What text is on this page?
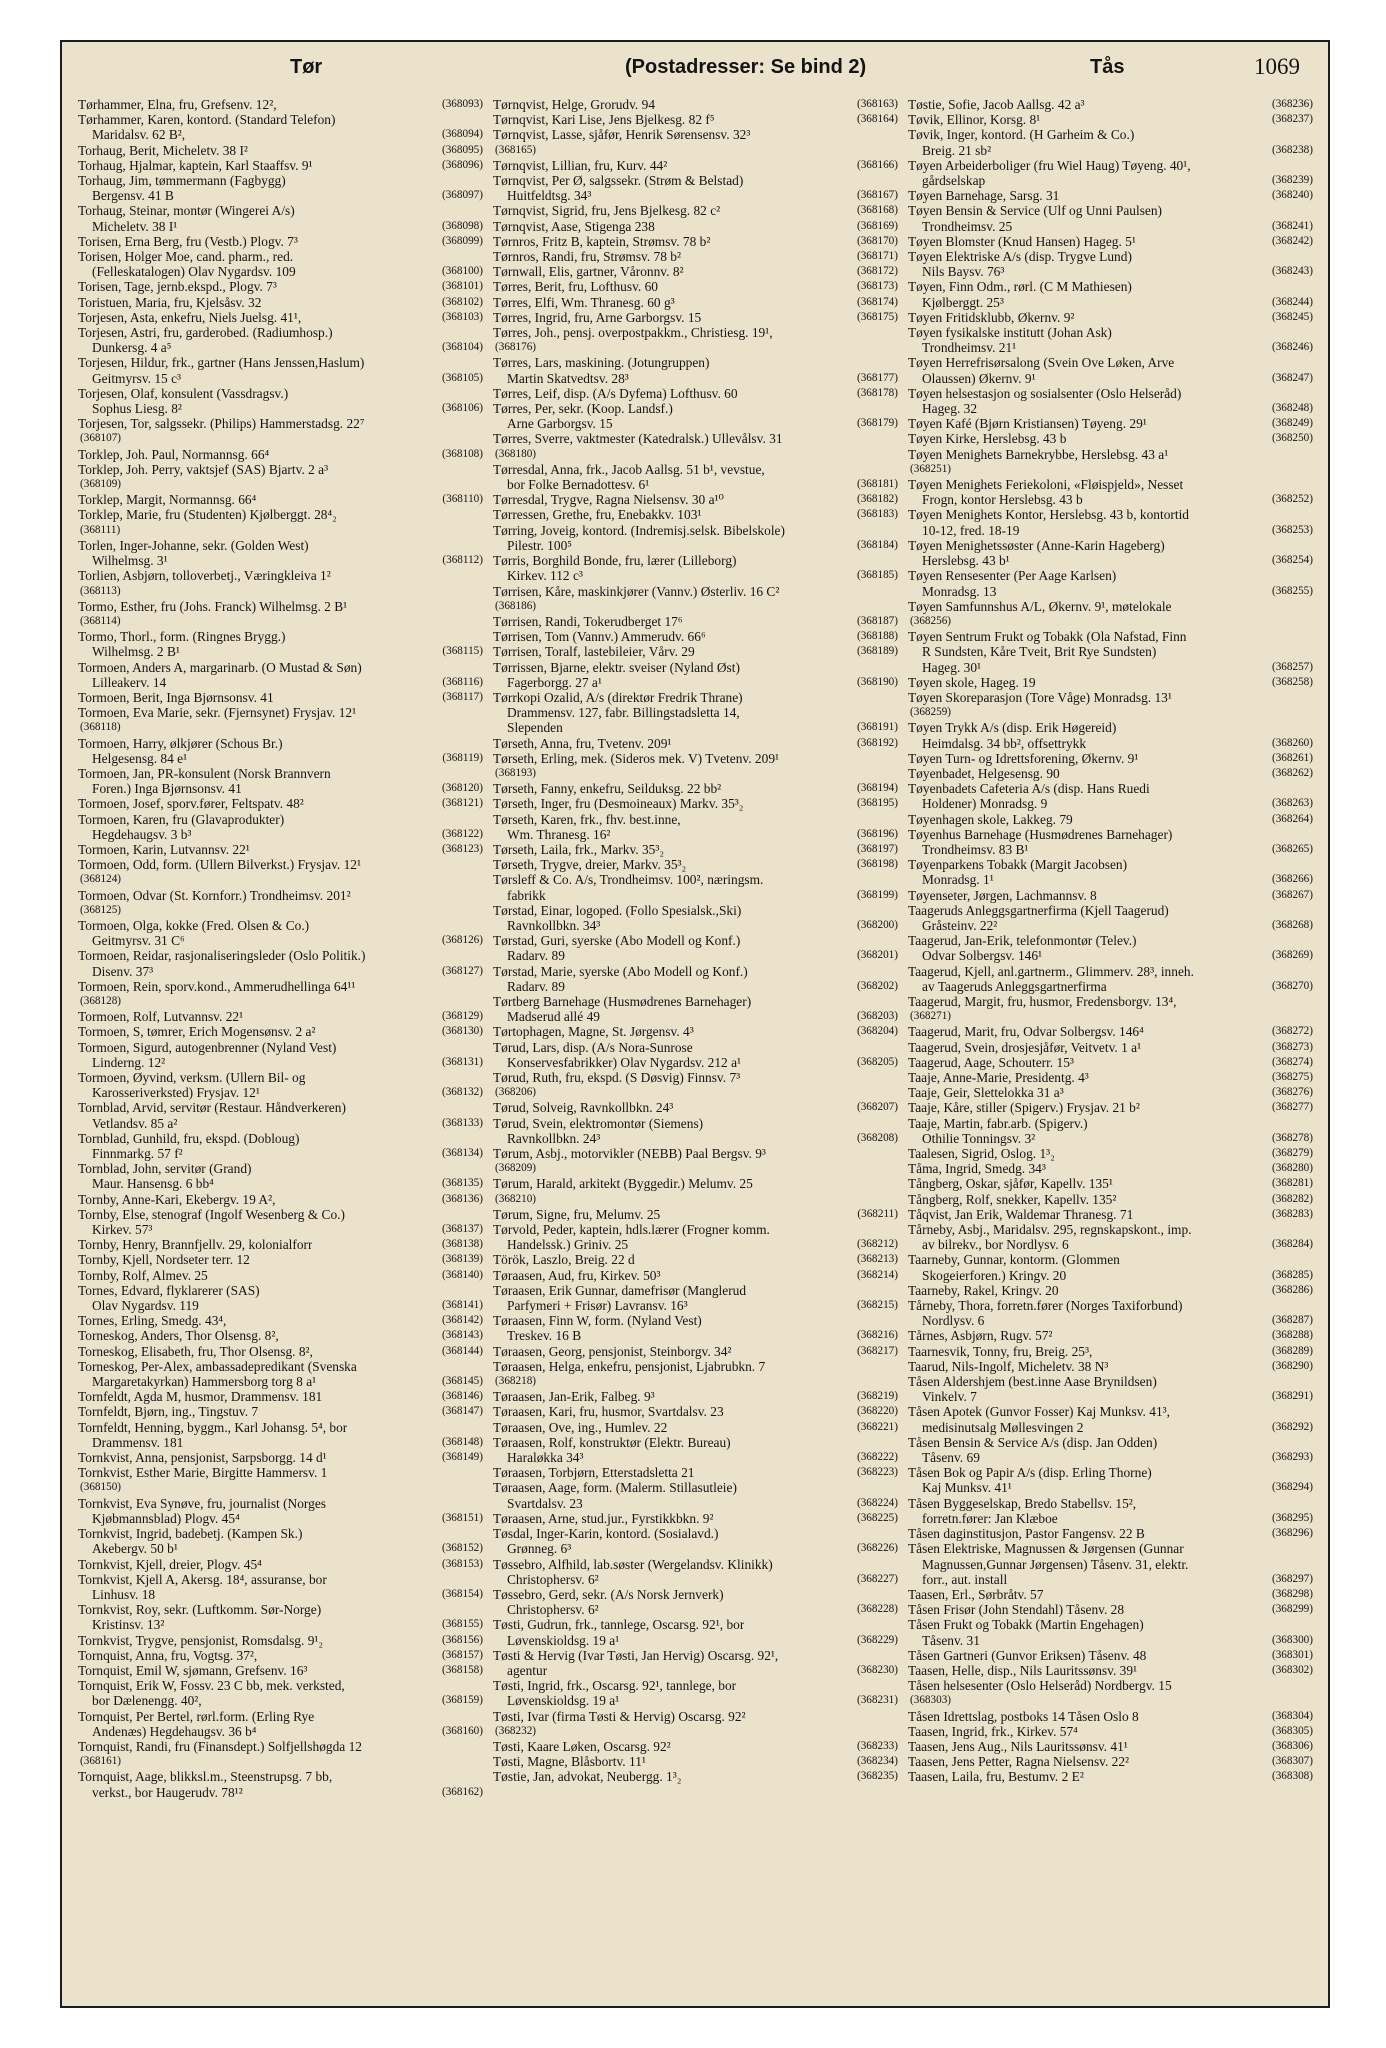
Tør	(Postadresser: Se bind 2)	Tås	1069
Tørhammer, Elna, fru, Grefsenv. 12²,	(368093)
Tørhammer, Karen, kontord. (Standard Telefon)
Maridalsv. 62 B²,	(368094)
Torhaug, Berit, Micheletv. 38 I²	(368095)
Torhaug, Hjalmar, kaptein, Karl Staaffsv. 9¹	(368096)
Torhaug, Jim, tømmermann (Fagbygg)
Bergensv. 41 B	(368097)
Torhaug, Steinar, montør (Wingerei A/s)
Micheletv. 38 I¹	(368098)
Torisen, Erna Berg, fru (Vestb.) Plogv. 7³	(368099)
Torisen, Holger Moe, cand. pharm., red.
(Felleskatalogen) Olav Nygardsv. 109	(368100)
Torisen, Tage, jernb.ekspd., Plogv. 7³	(368101)
Toristuen, Maria, fru, Kjelsåsv. 32	(368102)
Torjesen, Asta, enkefru, Niels Juelsg. 41¹,	(368103)
Torjesen, Astri, fru, garderobed. (Radiumhosp.)
Dunkersg. 4 a⁵	(368104)
Torjesen, Hildur, frk., gartner (Hans Jenssen,Haslum)
Geitmyrsv. 15 c³	(368105)
Torjesen, Olaf, konsulent (Vassdragsv.)
Sophus Liesg. 8²	(368106)
Torjesen, Tor, salgssekr. (Philips) Hammerstadsg. 22⁷
(368107)
Torklep, Joh. Paul, Normannsg. 66⁴	(368108)
Torklep, Joh. Perry, vaktsjef (SAS) Bjartv. 2 a³
(368109)
Torklep, Margit, Normannsg. 66⁴	(368110)
Torklep, Marie, fru (Studenten) Kjølberggt. 28⁴₂
(368111)
Torlen, Inger-Johanne, sekr. (Golden West)
Wilhelmsg. 3¹	(368112)
Torlien, Asbjørn, tolloverbetj., Væringkleiva 1²
(368113)
Tormo, Esther, fru (Johs. Franck) Wilhelmsg. 2 B¹
(368114)
Tormo, Thorl., form. (Ringnes Brygg.)
Wilhelmsg. 2 B¹	(368115)
Tormoen, Anders A, margarinarb. (O Mustad & Søn)
Lilleakerv. 14	(368116)
Tormoen, Berit, Inga Bjørnsonsv. 41	(368117)
Tormoen, Eva Marie, sekr. (Fjernsynet) Frysjav. 12¹
(368118)
Tormoen, Harry, ølkjører (Schous Br.)
Helgesensg. 84 e¹	(368119)
Tormoen, Jan, PR-konsulent (Norsk Brannvern
Foren.) Inga Bjørnsonsv. 41	(368120)
Tormoen, Josef, sporv.fører, Feltspatv. 48²	(368121)
Tormoen, Karen, fru (Glavaprodukter)
Hegdehaugsv. 3 b³	(368122)
Tormoen, Karin, Lutvannsv. 22¹	(368123)
Tormoen, Odd, form. (Ullern Bilverkst.) Frysjav. 12¹
(368124)
Tormoen, Odvar (St. Kornforr.) Trondheimsv. 201²
(368125)
Tormoen, Olga, kokke (Fred. Olsen & Co.)
Geitmyrsv. 31 C⁶	(368126)
Tormoen, Reidar, rasjonaliseringsleder (Oslo Politik.)
Disenv. 37³	(368127)
Tormoen, Rein, sporv.kond., Ammerudhellinga 64¹¹
(368128)
Tormoen, Rolf, Lutvannsv. 22¹	(368129)
Tormoen, S, tømrer, Erich Mogensønsv. 2 a²	(368130)
Tormoen, Sigurd, autogenbrenner (Nyland Vest)
Linderng. 12²	(368131)
Tormoen, Øyvind, verksm. (Ullern Bil- og
Karosseriverksted) Frysjav. 12¹	(368132)
Tornblad, Arvid, servitør (Restaur. Håndverkeren)
Vetlandsv. 85 a²	(368133)
Tornblad, Gunhild, fru, ekspd. (Dobloug)
Finnmarkg. 57 f²	(368134)
Tornblad, John, servitør (Grand)
Maur. Hansensg. 6 bb⁴	(368135)
Tornby, Anne-Kari, Ekebergv. 19 A²,	(368136)
Tornby, Else, stenograf (Ingolf Wesenberg & Co.)
Kirkev. 57³	(368137)
Tornby, Henry, Brannfjellv. 29, kolonialforr	(368138)
Tornby, Kjell, Nordseter terr. 12	(368139)
Tornby, Rolf, Almev. 25	(368140)
Tornes, Edvard, flyklarerer (SAS)
Olav Nygardsv. 119	(368141)
Tornes, Erling, Smedg. 43⁴,	(368142)
Torneskog, Anders, Thor Olsensg. 8²,	(368143)
Torneskog, Elisabeth, fru, Thor Olsensg. 8²,	(368144)
Torneskog, Per-Alex, ambassadepredikant (Svenska
Margaretakyrkan) Hammersborg torg 8 a¹	(368145)
Tornfeldt, Agda M, husmor, Drammensv. 181	(368146)
Tornfeldt, Bjørn, ing., Tingstuv. 7	(368147)
Tornfeldt, Henning, byggm., Karl Johansg. 5⁴, bor
Drammensv. 181	(368148)
Tornkvist, Anna, pensjonist, Sarpsborgg. 14 d¹	(368149)
Tornkvist, Esther Marie, Birgitte Hammersv. 1
(368150)
Tornkvist, Eva Synøve, fru, journalist (Norges
Kjøbmannsblad) Plogv. 45⁴	(368151)
Tornkvist, Ingrid, badebetj. (Kampen Sk.)
Akebergv. 50 b¹	(368152)
Tornkvist, Kjell, dreier, Plogv. 45⁴	(368153)
Tornkvist, Kjell A, Akersg. 18⁴, assuranse, bor
Linhusv. 18	(368154)
Tornkvist, Roy, sekr. (Luftkomm. Sør-Norge)
Kristinsv. 13²	(368155)
Tornkvist, Trygve, pensjonist, Romsdalsg. 9¹₂	(368156)
Tornquist, Anna, fru, Vogtsg. 37²,	(368157)
Tornquist, Emil W, sjømann, Grefsenv. 16³	(368158)
Tornquist, Erik W, Fossv. 23 C bb, mek. verksted,
bor Dælenengg. 40²,	(368159)
Tornquist, Per Bertel, rørl.form. (Erling Rye
Andenæs) Hegdehaugsv. 36 b⁴	(368160)
Tornquist, Randi, fru (Finansdept.) Solfjellshøgda 12
(368161)
Tornquist, Aage, blikksl.m., Steenstrupsg. 7 bb,
verkst., bor Haugerudv. 78¹²	(368162)
Tørnqvist, Helge, Grorudv. 94	(368163)
Tørnqvist, Kari Lise, Jens Bjelkesg. 82 f⁵	(368164)
Tørnqvist, Lasse, sjåfør, Henrik Sørensensv. 32³
(368165)
Tørnqvist, Lillian, fru, Kurv. 44²	(368166)
Tørnqvist, Per Ø, salgssekr. (Strøm & Belstad)
Huitfeldtsg. 34³	(368167)
Tørnqvist, Sigrid, fru, Jens Bjelkesg. 82 c²	(368168)
Tørnqvist, Aase, Stigenga 238	(368169)
Tørnros, Fritz B, kaptein, Strømsv. 78 b²	(368170)
Tørnros, Randi, fru, Strømsv. 78 b²	(368171)
Tørnwall, Elis, gartner, Våronnv. 8²	(368172)
Tørres, Berit, fru, Lofthusv. 60	(368173)
Tørres, Elfi, Wm. Thranesg. 60 g³	(368174)
Tørres, Ingrid, fru, Arne Garborgsv. 15	(368175)
Tørres, Joh., pensj. overpostpakkm., Christiesg. 19¹,
(368176)
Tørres, Lars, maskining. (Jotungruppen)
Martin Skatvedtsv. 28³	(368177)
Tørres, Leif, disp. (A/s Dyfema) Lofthusv. 60	(368178)
Tørres, Per, sekr. (Koop. Landsf.)
Arne Garborgsv. 15	(368179)
Tørres, Sverre, vaktmester (Katedralsk.) Ullevålsv. 31
(368180)
Tørresdal, Anna, frk., Jacob Aallsg. 51 b¹, vevstue,
bor Folke Bernadottesv. 6¹	(368181)
Tørresdal, Trygve, Ragna Nielsensv. 30 a¹⁰	(368182)
Tørressen, Grethe, fru, Enebakkv. 103¹	(368183)
Tørring, Joveig, kontord. (Indremisj.selsk. Bibelskole)
Pilestr. 100⁵	(368184)
Tørris, Borghild Bonde, fru, lærer (Lilleborg)
Kirkev. 112 c³	(368185)
Tørrisen, Kåre, maskinkjører (Vannv.) Østerliv. 16 C²
(368186)
Tørrisen, Randi, Tokerudberget 17⁶	(368187)
Tørrisen, Tom (Vannv.) Ammerudv. 66⁶	(368188)
Tørrisen, Toralf, lastebileier, Vårv. 29	(368189)
Tørrissen, Bjarne, elektr. sveiser (Nyland Øst)
Fagerborgg. 27 a¹	(368190)
Tørrkopi Ozalid, A/s (direktør Fredrik Thrane)
Drammensv. 127, fabr. Billingstadsletta 14,
Slependen	(368191)
Tørseth, Anna, fru, Tvetenv. 209¹	(368192)
Tørseth, Erling, mek. (Sideros mek. V) Tvetenv. 209¹
(368193)
Tørseth, Fanny, enkefru, Seilduksg. 22 bb²	(368194)
Tørseth, Inger, fru (Desmoineaux) Markv. 35³₂	(368195)
Tørseth, Karen, frk., fhv. best.inne,
Wm. Thranesg. 16²	(368196)
Tørseth, Laila, frk., Markv. 35³₂	(368197)
Tørseth, Trygve, dreier, Markv. 35³₂	(368198)
Tørsleff & Co. A/s, Trondheimsv. 100², næringsm.
fabrikk	(368199)
Tørstad, Einar, logoped. (Follo Spesialsk.,Ski)
Ravnkollbkn. 34³	(368200)
Tørstad, Guri, syerske (Abo Modell og Konf.)
Radarv. 89	(368201)
Tørstad, Marie, syerske (Abo Modell og Konf.)
Radarv. 89	(368202)
Tørtberg Barnehage (Husmødrenes Barnehager)
Madserud allé 49	(368203)
Tørtophagen, Magne, St. Jørgensv. 4³	(368204)
Tørud, Lars, disp. (A/s Nora-Sunrose
Konservesfabrikker) Olav Nygardsv. 212 a¹	(368205)
Tørud, Ruth, fru, ekspd. (S Døsvig) Finnsv. 7³
(368206)
Tørud, Solveig, Ravnkollbkn. 24³	(368207)
Tørud, Svein, elektromontør (Siemens)
Ravnkollbkn. 24³	(368208)
Tørum, Asbj., motorvikler (NEBB) Paal Bergsv. 9³
(368209)
Tørum, Harald, arkitekt (Byggedir.) Melumv. 25
(368210)
Tørum, Signe, fru, Melumv. 25	(368211)
Tørvold, Peder, kaptein, hdls.lærer (Frogner komm.
Handelssk.) Griniv. 25	(368212)
Török, Laszlo, Breig. 22 d	(368213)
Tøraasen, Aud, fru, Kirkev. 50³	(368214)
Tøraasen, Erik Gunnar, damefrisør (Manglerud
Parfymeri + Frisør) Lavransv. 16³	(368215)
Tøraasen, Finn W, form. (Nyland Vest)
Treskev. 16 B	(368216)
Tøraasen, Georg, pensjonist, Steinborgv. 34²	(368217)
Tøraasen, Helga, enkefru, pensjonist, Ljabrubkn. 7
(368218)
Tøraasen, Jan-Erik, Falbeg. 9³	(368219)
Tøraasen, Kari, fru, husmor, Svartdalsv. 23	(368220)
Tøraasen, Ove, ing., Humlev. 22	(368221)
Tøraasen, Rolf, konstruktør (Elektr. Bureau)
Haraløkka 34³	(368222)
Tøraasen, Torbjørn, Etterstadsletta 21	(368223)
Tøraasen, Aage, form. (Malerm. Stillasutleie)
Svartdalsv. 23	(368224)
Tøraasen, Arne, stud.jur., Fyrstikkbkn. 9²	(368225)
Tøsdal, Inger-Karin, kontord. (Sosialavd.)
Grønneg. 6³	(368226)
Tøssebro, Alfhild, lab.søster (Wergelandsv. Klinikk)
Christophersv. 6²	(368227)
Tøssebro, Gerd, sekr. (A/s Norsk Jernverk)
Christophersv. 6²	(368228)
Tøsti, Gudrun, frk., tannlege, Oscarsg. 92¹, bor
Løvenskioldsg. 19 a¹	(368229)
Tøsti & Hervig (Ivar Tøsti, Jan Hervig) Oscarsg. 92¹,
agentur	(368230)
Tøsti, Ingrid, frk., Oscarsg. 92¹, tannlege, bor
Løvenskioldsg. 19 a¹	(368231)
Tøsti, Ivar (firma Tøsti & Hervig) Oscarsg. 92²
(368232)
Tøsti, Kaare Løken, Oscarsg. 92²	(368233)
Tøsti, Magne, Blåsbortv. 11¹	(368234)
Tøstie, Jan, advokat, Neubergg. 1³₂	(368235)
Tøstie, Sofie, Jacob Aallsg. 42 a³	(368236)
Tøvik, Ellinor, Korsg. 8¹	(368237)
Tøvik, Inger, kontord. (H Garheim & Co.)
Breig. 21 sb²	(368238)
Tøyen Arbeiderboliger (fru Wiel Haug) Tøyeng. 40¹,
gårdselskap	(368239)
Tøyen Barnehage, Sarsg. 31	(368240)
Tøyen Bensin & Service (Ulf og Unni Paulsen)
Trondheimsv. 25	(368241)
Tøyen Blomster (Knud Hansen) Hageg. 5¹	(368242)
Tøyen Elektriske A/s (disp. Trygve Lund)
Nils Baysv. 76³	(368243)
Tøyen, Finn Odm., rørl. (C M Mathiesen)
Kjølberggt. 25³	(368244)
Tøyen Fritidsklubb, Økernv. 9²	(368245)
Tøyen fysikalske institutt (Johan Ask)
Trondheimsv. 21¹	(368246)
Tøyen Herrefrisørsalong (Svein Ove Løken, Arve
Olaussen) Økernv. 9¹	(368247)
Tøyen helsestasjon og sosialsenter (Oslo Helseråd)
Hageg. 32	(368248)
Tøyen Kafé (Bjørn Kristiansen) Tøyeng. 29¹	(368249)
Tøyen Kirke, Herslebsg. 43 b	(368250)
Tøyen Menighets Barnekrybbe, Herslebsg. 43 a¹
(368251)
Tøyen Menighets Feriekoloni, «Fløispjeld», Nesset
Frogn, kontor Herslebsg. 43 b	(368252)
Tøyen Menighets Kontor, Herslebsg. 43 b, kontortid
10-12, fred. 18-19	(368253)
Tøyen Menighetssøster (Anne-Karin Hageberg)
Herslebsg. 43 b¹	(368254)
Tøyen Rensesenter (Per Aage Karlsen)
Monradsg. 13	(368255)
Tøyen Samfunnshus A/L, Økernv. 9¹, møtelokale
(368256)
Tøyen Sentrum Frukt og Tobakk (Ola Nafstad, Finn
R Sundsten, Kåre Tveit, Brit Rye Sundsten)
Hageg. 30¹	(368257)
Tøyen skole, Hageg. 19	(368258)
Tøyen Skoreparasjon (Tore Våge) Monradsg. 13¹
(368259)
Tøyen Trykk A/s (disp. Erik Høgereid)
Heimdalsg. 34 bb², offsettrykk	(368260)
Tøyen Turn- og Idrettsforening, Økernv. 9¹	(368261)
Tøyenbadet, Helgesensg. 90	(368262)
Tøyenbadets Cafeteria A/s (disp. Hans Ruedi
Holdener) Monradsg. 9	(368263)
Tøyenhagen skole, Lakkeg. 79	(368264)
Tøyenhus Barnehage (Husmødrenes Barnehager)
Trondheimsv. 83 B¹	(368265)
Tøyenparkens Tobakk (Margit Jacobsen)
Monradsg. 1¹	(368266)
Tøyenseter, Jørgen, Lachmannsv. 8	(368267)
Taageruds Anleggsgartnerfirma (Kjell Taagerud)
Gråsteinv. 22²	(368268)
Taagerud, Jan-Erik, telefonmontør (Telev.)
Odvar Solbergsv. 146¹	(368269)
Taagerud, Kjell, anl.gartnerm., Glimmerv. 28³, inneh.
av Taageruds Anleggsgartnerfirma	(368270)
Taagerud, Margit, fru, husmor, Fredensborgv. 13⁴,
(368271)
Taagerud, Marit, fru, Odvar Solbergsv. 146⁴	(368272)
Taagerud, Svein, drosjesjåfør, Veitvetv. 1 a¹	(368273)
Taagerud, Aage, Schouterr. 15³	(368274)
Taaje, Anne-Marie, Presidentg. 4³	(368275)
Taaje, Geir, Slettelokka 31 a³	(368276)
Taaje, Kåre, stiller (Spigerv.) Frysjav. 21 b²	(368277)
Taaje, Martin, fabr.arb. (Spigerv.)
Othilie Tonningsv. 3²	(368278)
Taalesen, Sigrid, Oslog. 1³₂	(368279)
Tåma, Ingrid, Smedg. 34³	(368280)
Tångberg, Oskar, sjåfør, Kapellv. 135¹	(368281)
Tångberg, Rolf, snekker, Kapellv. 135²	(368282)
Tåqvist, Jan Erik, Waldemar Thranesg. 71	(368283)
Tårneby, Asbj., Maridalsv. 295, regnskapskont., imp.
av bilrekv., bor Nordlysv. 6	(368284)
Taarneby, Gunnar, kontorm. (Glommen
Skogeierforen.) Kringv. 20	(368285)
Taarneby, Rakel, Kringv. 20	(368286)
Tårneby, Thora, forretn.fører (Norges Taxiforbund)
Nordlysv. 6	(368287)
Tårnes, Asbjørn, Rugv. 57²	(368288)
Taarnesvik, Tonny, fru, Breig. 25³,	(368289)
Taarud, Nils-Ingolf, Micheletv. 38 N³	(368290)
Tåsen Aldershjem (best.inne Aase Brynildsen)
Vinkelv. 7	(368291)
Tåsen Apotek (Gunvor Fosser) Kaj Munksv. 41³,
medisinutsalg Møllesvingen 2	(368292)
Tåsen Bensin & Service A/s (disp. Jan Odden)
Tåsenv. 69	(368293)
Tåsen Bok og Papir A/s (disp. Erling Thorne)
Kaj Munksv. 41¹	(368294)
Tåsen Byggeselskap, Bredo Stabellsv. 15²,
forretn.fører: Jan Klæboe	(368295)
Tåsen daginstitusjon, Pastor Fangensv. 22 B	(368296)
Tåsen Elektriske, Magnussen & Jørgensen (Gunnar
Magnussen,Gunnar Jørgensen) Tåsenv. 31, elektr.
forr., aut. install	(368297)
Taasen, Erl., Sørbråtv. 57	(368298)
Tåsen Frisør (John Stendahl) Tåsenv. 28	(368299)
Tåsen Frukt og Tobakk (Martin Engehagen)
Tåsenv. 31	(368300)
Tåsen Gartneri (Gunvor Eriksen) Tåsenv. 48	(368301)
Taasen, Helle, disp., Nils Lauritssønsv. 39¹	(368302)
Tåsen helsesenter (Oslo Helseråd) Nordbergv. 15
(368303)
Tåsen Idrettslag, postboks 14 Tåsen Oslo 8	(368304)
Taasen, Ingrid, frk., Kirkev. 57⁴	(368305)
Taasen, Jens Aug., Nils Lauritssønsv. 41¹	(368306)
Taasen, Jens Petter, Ragna Nielsensv. 22²	(368307)
Taasen, Laila, fru, Bestumv. 2 E²	(368308)
